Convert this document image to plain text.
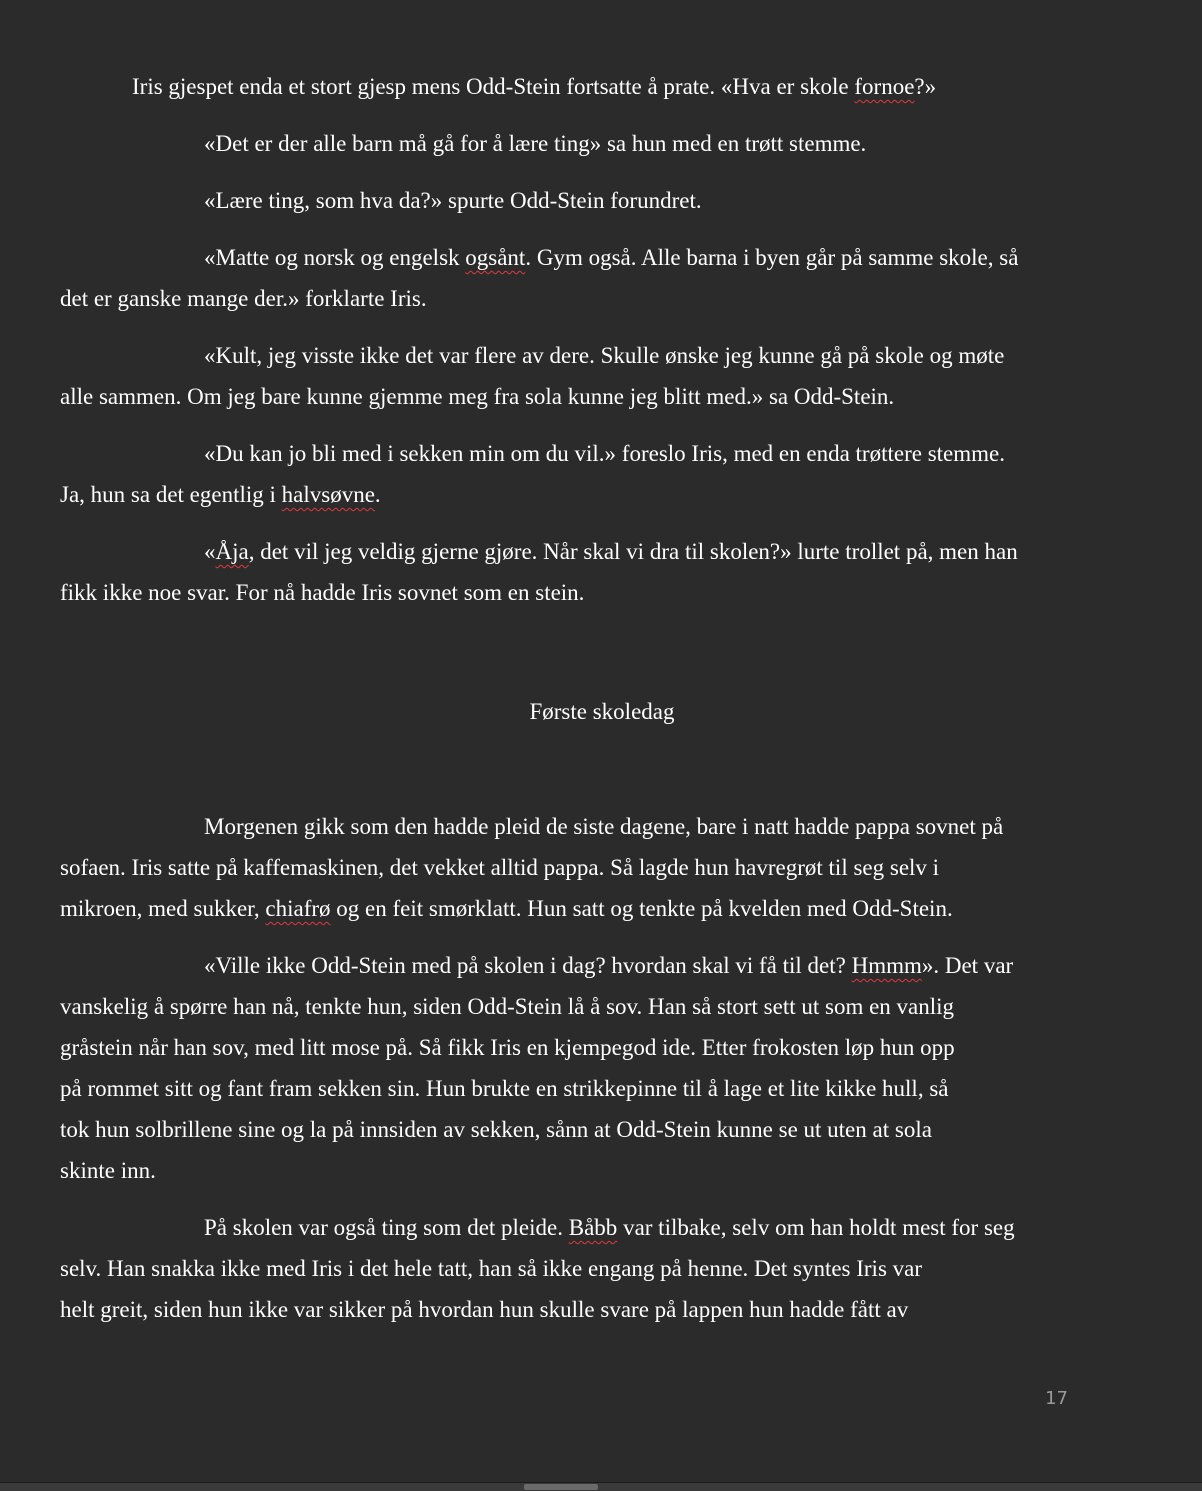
Iris gjespet enda et stort gjesp mens Odd-Stein fortsatte å prate. «Hva er skole fornoe?»

«Det er der alle barn må gå for å lære ting» sa hun med en trøtt stemme.

«Lære ting, som hva da?» spurte Odd-Stein forundret.

«Matte og norsk og engelsk ogsånt. Gym også. Alle barna i byen går på samme skole, så
det er ganske mange der.» forklarte Iris.

«Kult, jeg visste ikke det var flere av dere. Skulle ønske jeg kunne gå på skole og møte
alle sammen. Om jeg bare kunne gjemme meg fra sola kunne jeg blitt med.» sa Odd-Stein.

«Du kan jo bli med i sekken min om du vil.» foreslo Iris, med en enda trøttere stemme.
Ja, hun sa det egentlig i halvsøvne.

«Åja, det vil jeg veldig gjerne gjøre. Når skal vi dra til skolen?» lurte trollet på, men han
fikk ikke noe svar. For nå hadde Iris sovnet som en stein.

Første skoledag

Morgenen gikk som den hadde pleid de siste dagene, bare i natt hadde pappa sovnet på
sofaen. Iris satte på kaffemaskinen, det vekket alltid pappa. Så lagde hun havregrøt til seg selv i
mikroen, med sukker, chiafrø og en feit smørklatt. Hun satt og tenkte på kvelden med Odd-Stein.

«Ville ikke Odd-Stein med på skolen i dag? hvordan skal vi få til det? Hmmm». Det var
vanskelig å spørre han nå, tenkte hun, siden Odd-Stein lå å sov. Han så stort sett ut som en vanlig
gråstein når han sov, med litt mose på. Så fikk Iris en kjempegod ide. Etter frokosten løp hun opp
på rommet sitt og fant fram sekken sin. Hun brukte en strikkepinne til å lage et lite kikke hull, så
tok hun solbrillene sine og la på innsiden av sekken, sånn at Odd-Stein kunne se ut uten at sola
skinte inn.

På skolen var også ting som det pleide. Båbb var tilbake, selv om han holdt mest for seg
selv. Han snakka ikke med Iris i det hele tatt, han så ikke engang på henne. Det syntes Iris var
helt greit, siden hun ikke var sikker på hvordan hun skulle svare på lappen hun hadde fått av

17
